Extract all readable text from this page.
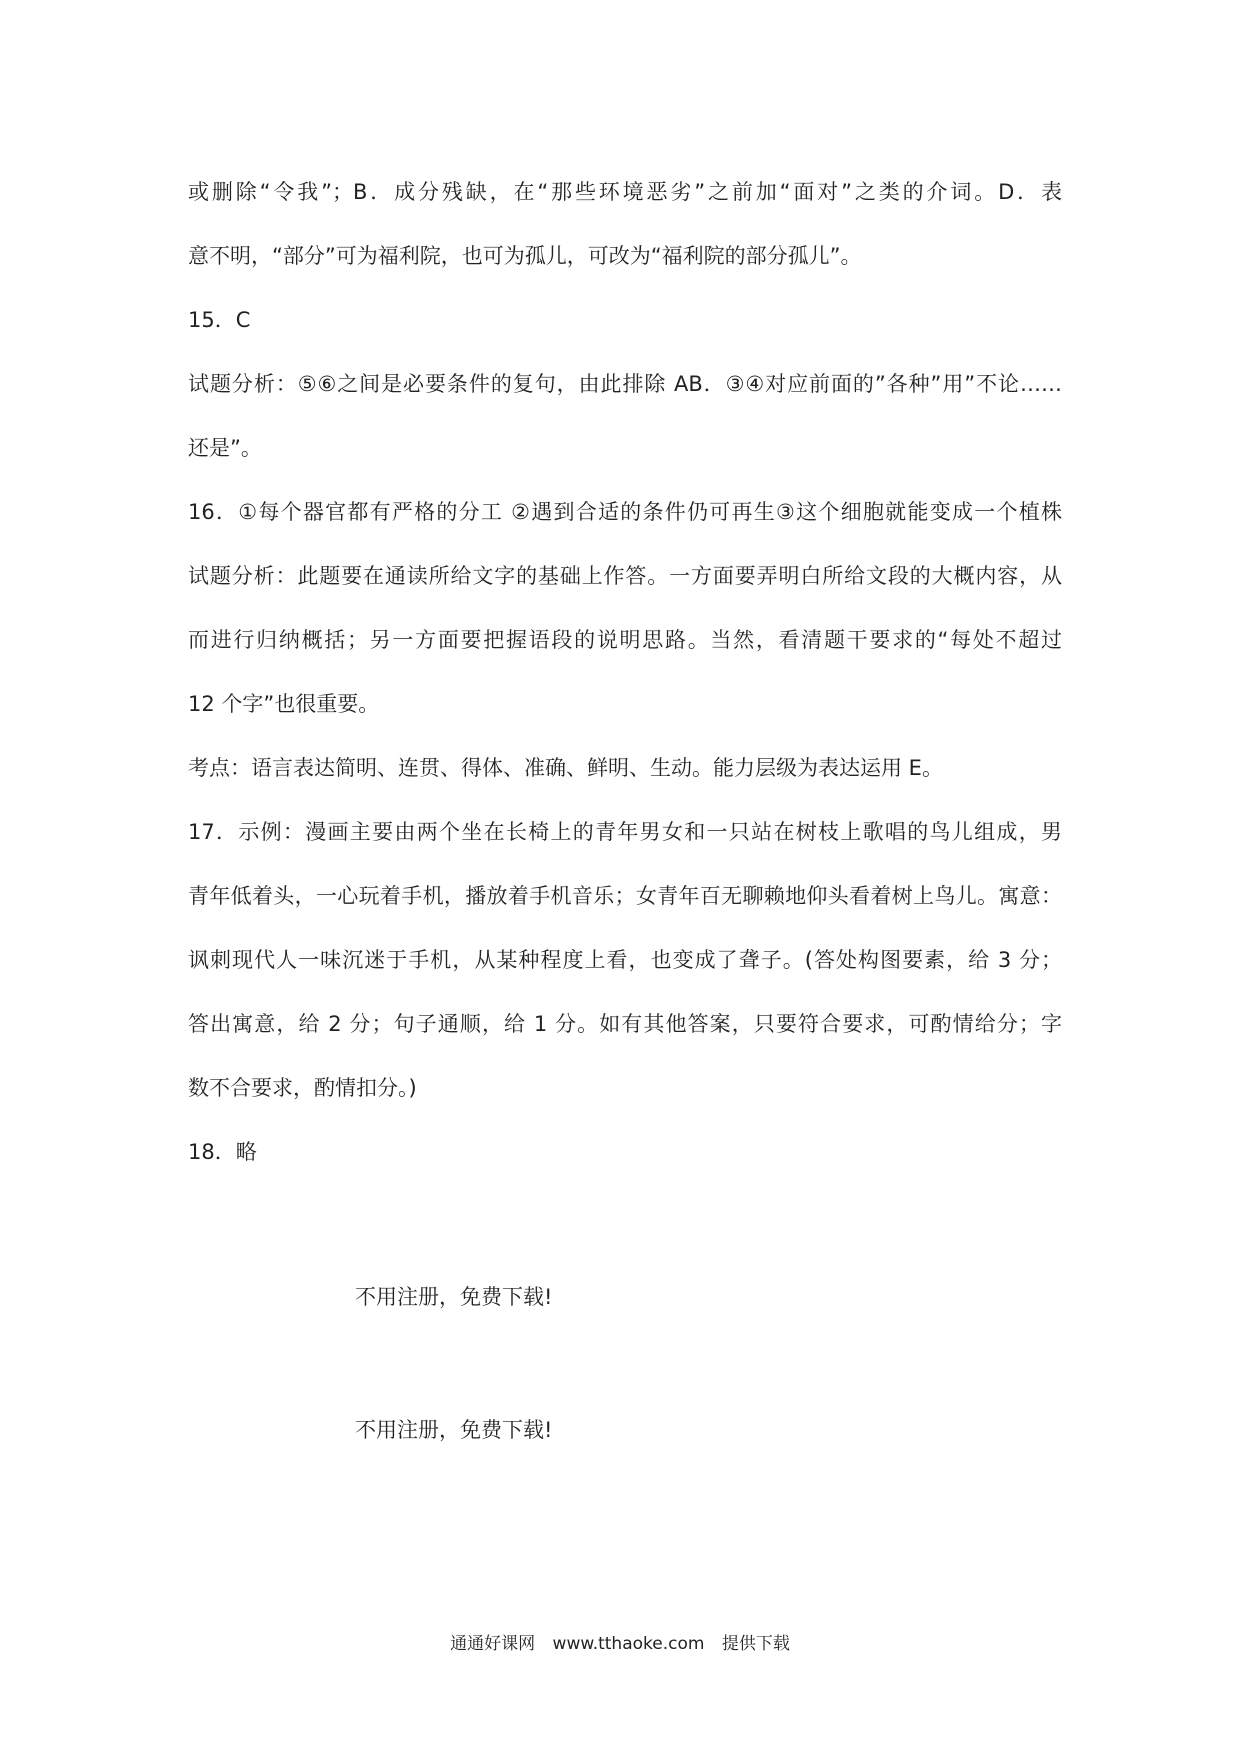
或删除“令我”；B．成分残缺，在“那些环境恶劣”之前加“面对”之类的介词。D．表
意不明，“部分”可为福利院，也可为孤儿，可改为“福利院的部分孤儿”。
15．C
试题分析：⑤⑥之间是必要条件的复句，由此排除 AB．③④对应前面的”各种”用”不论……
还是”。
16．①每个器官都有严格的分工 ②遇到合适的条件仍可再生③这个细胞就能变成一个植株
试题分析：此题要在通读所给文字的基础上作答。一方面要弄明白所给文段的大概内容，从
而进行归纳概括；另一方面要把握语段的说明思路。当然，看清题干要求的“每处不超过
12 个字”也很重要。
考点：语言表达简明、连贯、得体、准确、鲜明、生动。能力层级为表达运用 E。
17．示例：漫画主要由两个坐在长椅上的青年男女和一只站在树枝上歌唱的鸟儿组成，男
青年低着头，一心玩着手机，播放着手机音乐；女青年百无聊赖地仰头看着树上鸟儿。寓意：
讽刺现代人一味沉迷于手机，从某种程度上看，也变成了聋子。(答处构图要素，给 3 分；
答出寓意，给 2 分；句子通顺，给 1 分。如有其他答案，只要符合要求，可酌情给分；字
数不合要求，酌情扣分。)
18．略
不用注册，免费下载!
不用注册，免费下载!
通通好课网 www.tthaoke.com 提供下载
